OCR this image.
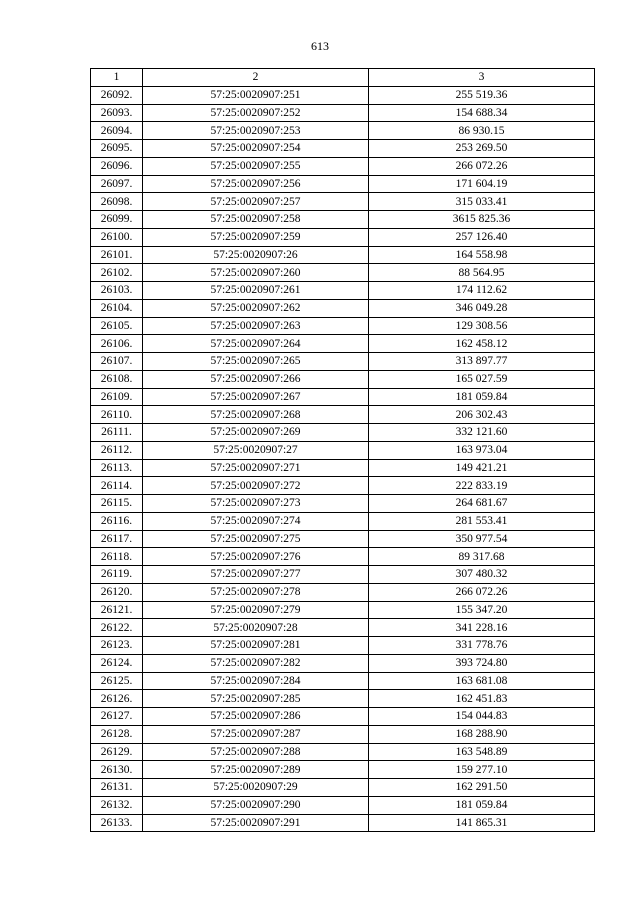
613
1	2	3
26092.	57:25:0020907:251	255 519.36
26093.	57:25:0020907:252	154 688.34
26094.	57:25:0020907:253	86 930.15
26095.	57:25:0020907:254	253 269.50
26096.	57:25:0020907:255	266 072.26
26097.	57:25:0020907:256	171 604.19
26098.	57:25:0020907:257	315 033.41
26099.	57:25:0020907:258	3615 825.36
26100.	57:25:0020907:259	257 126.40
26101.	57:25:0020907:26	164 558.98
26102.	57:25:0020907:260	88 564.95
26103.	57:25:0020907:261	174 112.62
26104.	57:25:0020907:262	346 049.28
26105.	57:25:0020907:263	129 308.56
26106.	57:25:0020907:264	162 458.12
26107.	57:25:0020907:265	313 897.77
26108.	57:25:0020907:266	165 027.59
26109.	57:25:0020907:267	181 059.84
26110.	57:25:0020907:268	206 302.43
26111.	57:25:0020907:269	332 121.60
26112.	57:25:0020907:27	163 973.04
26113.	57:25:0020907:271	149 421.21
26114.	57:25:0020907:272	222 833.19
26115.	57:25:0020907:273	264 681.67
26116.	57:25:0020907:274	281 553.41
26117.	57:25:0020907:275	350 977.54
26118.	57:25:0020907:276	89 317.68
26119.	57:25:0020907:277	307 480.32
26120.	57:25:0020907:278	266 072.26
26121.	57:25:0020907:279	155 347.20
26122.	57:25:0020907:28	341 228.16
26123.	57:25:0020907:281	331 778.76
26124.	57:25:0020907:282	393 724.80
26125.	57:25:0020907:284	163 681.08
26126.	57:25:0020907:285	162 451.83
26127.	57:25:0020907:286	154 044.83
26128.	57:25:0020907:287	168 288.90
26129.	57:25:0020907:288	163 548.89
26130.	57:25:0020907:289	159 277.10
26131.	57:25:0020907:29	162 291.50
26132.	57:25:0020907:290	181 059.84
26133.	57:25:0020907:291	141 865.31
